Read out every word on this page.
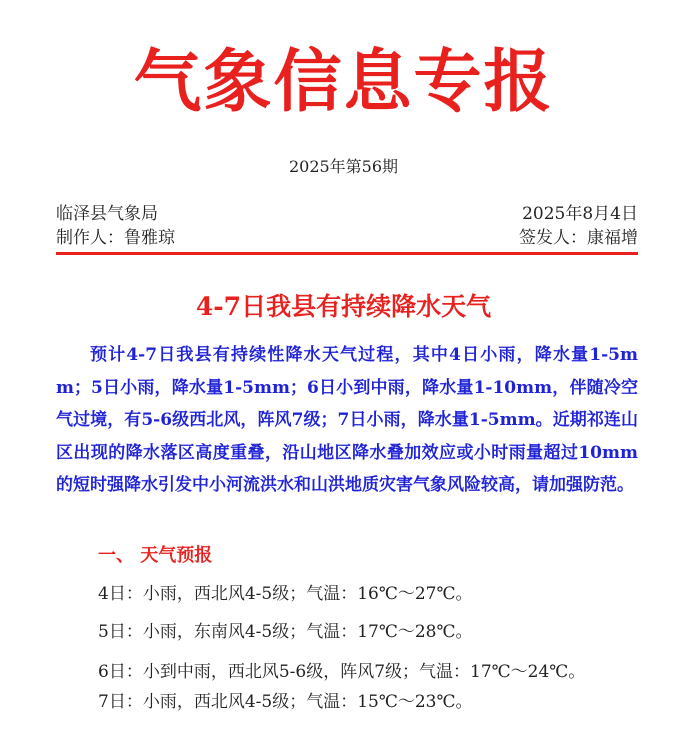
气象信息专报
2025年第56期
临泽县气象局	2025年8月4日
制作人：鲁雅琼	签发人：康福增
4-7日我县有持续降水天气
预计4-7日我县有持续性降水天气过程，其中4日小雨，降水量1-5mm；5日小雨，降水量1-5mm；6日小到中雨，降水量1-10mm，伴随冷空气过境，有5-6级西北风，阵风7级；7日小雨，降水量1-5mm。近期祁连山区出现的降水落区高度重叠，沿山地区降水叠加效应或小时雨量超过10mm的短时强降水引发中小河流洪水和山洪地质灾害气象风险较高，请加强防范。
一、 天气预报
4日：小雨，西北风4-5级；气温：16℃～27℃。
5日：小雨，东南风4-5级；气温：17℃～28℃。
6日：小到中雨，西北风5-6级，阵风7级；气温：17℃～24℃。
7日：小雨，西北风4-5级；气温：15℃～23℃。
